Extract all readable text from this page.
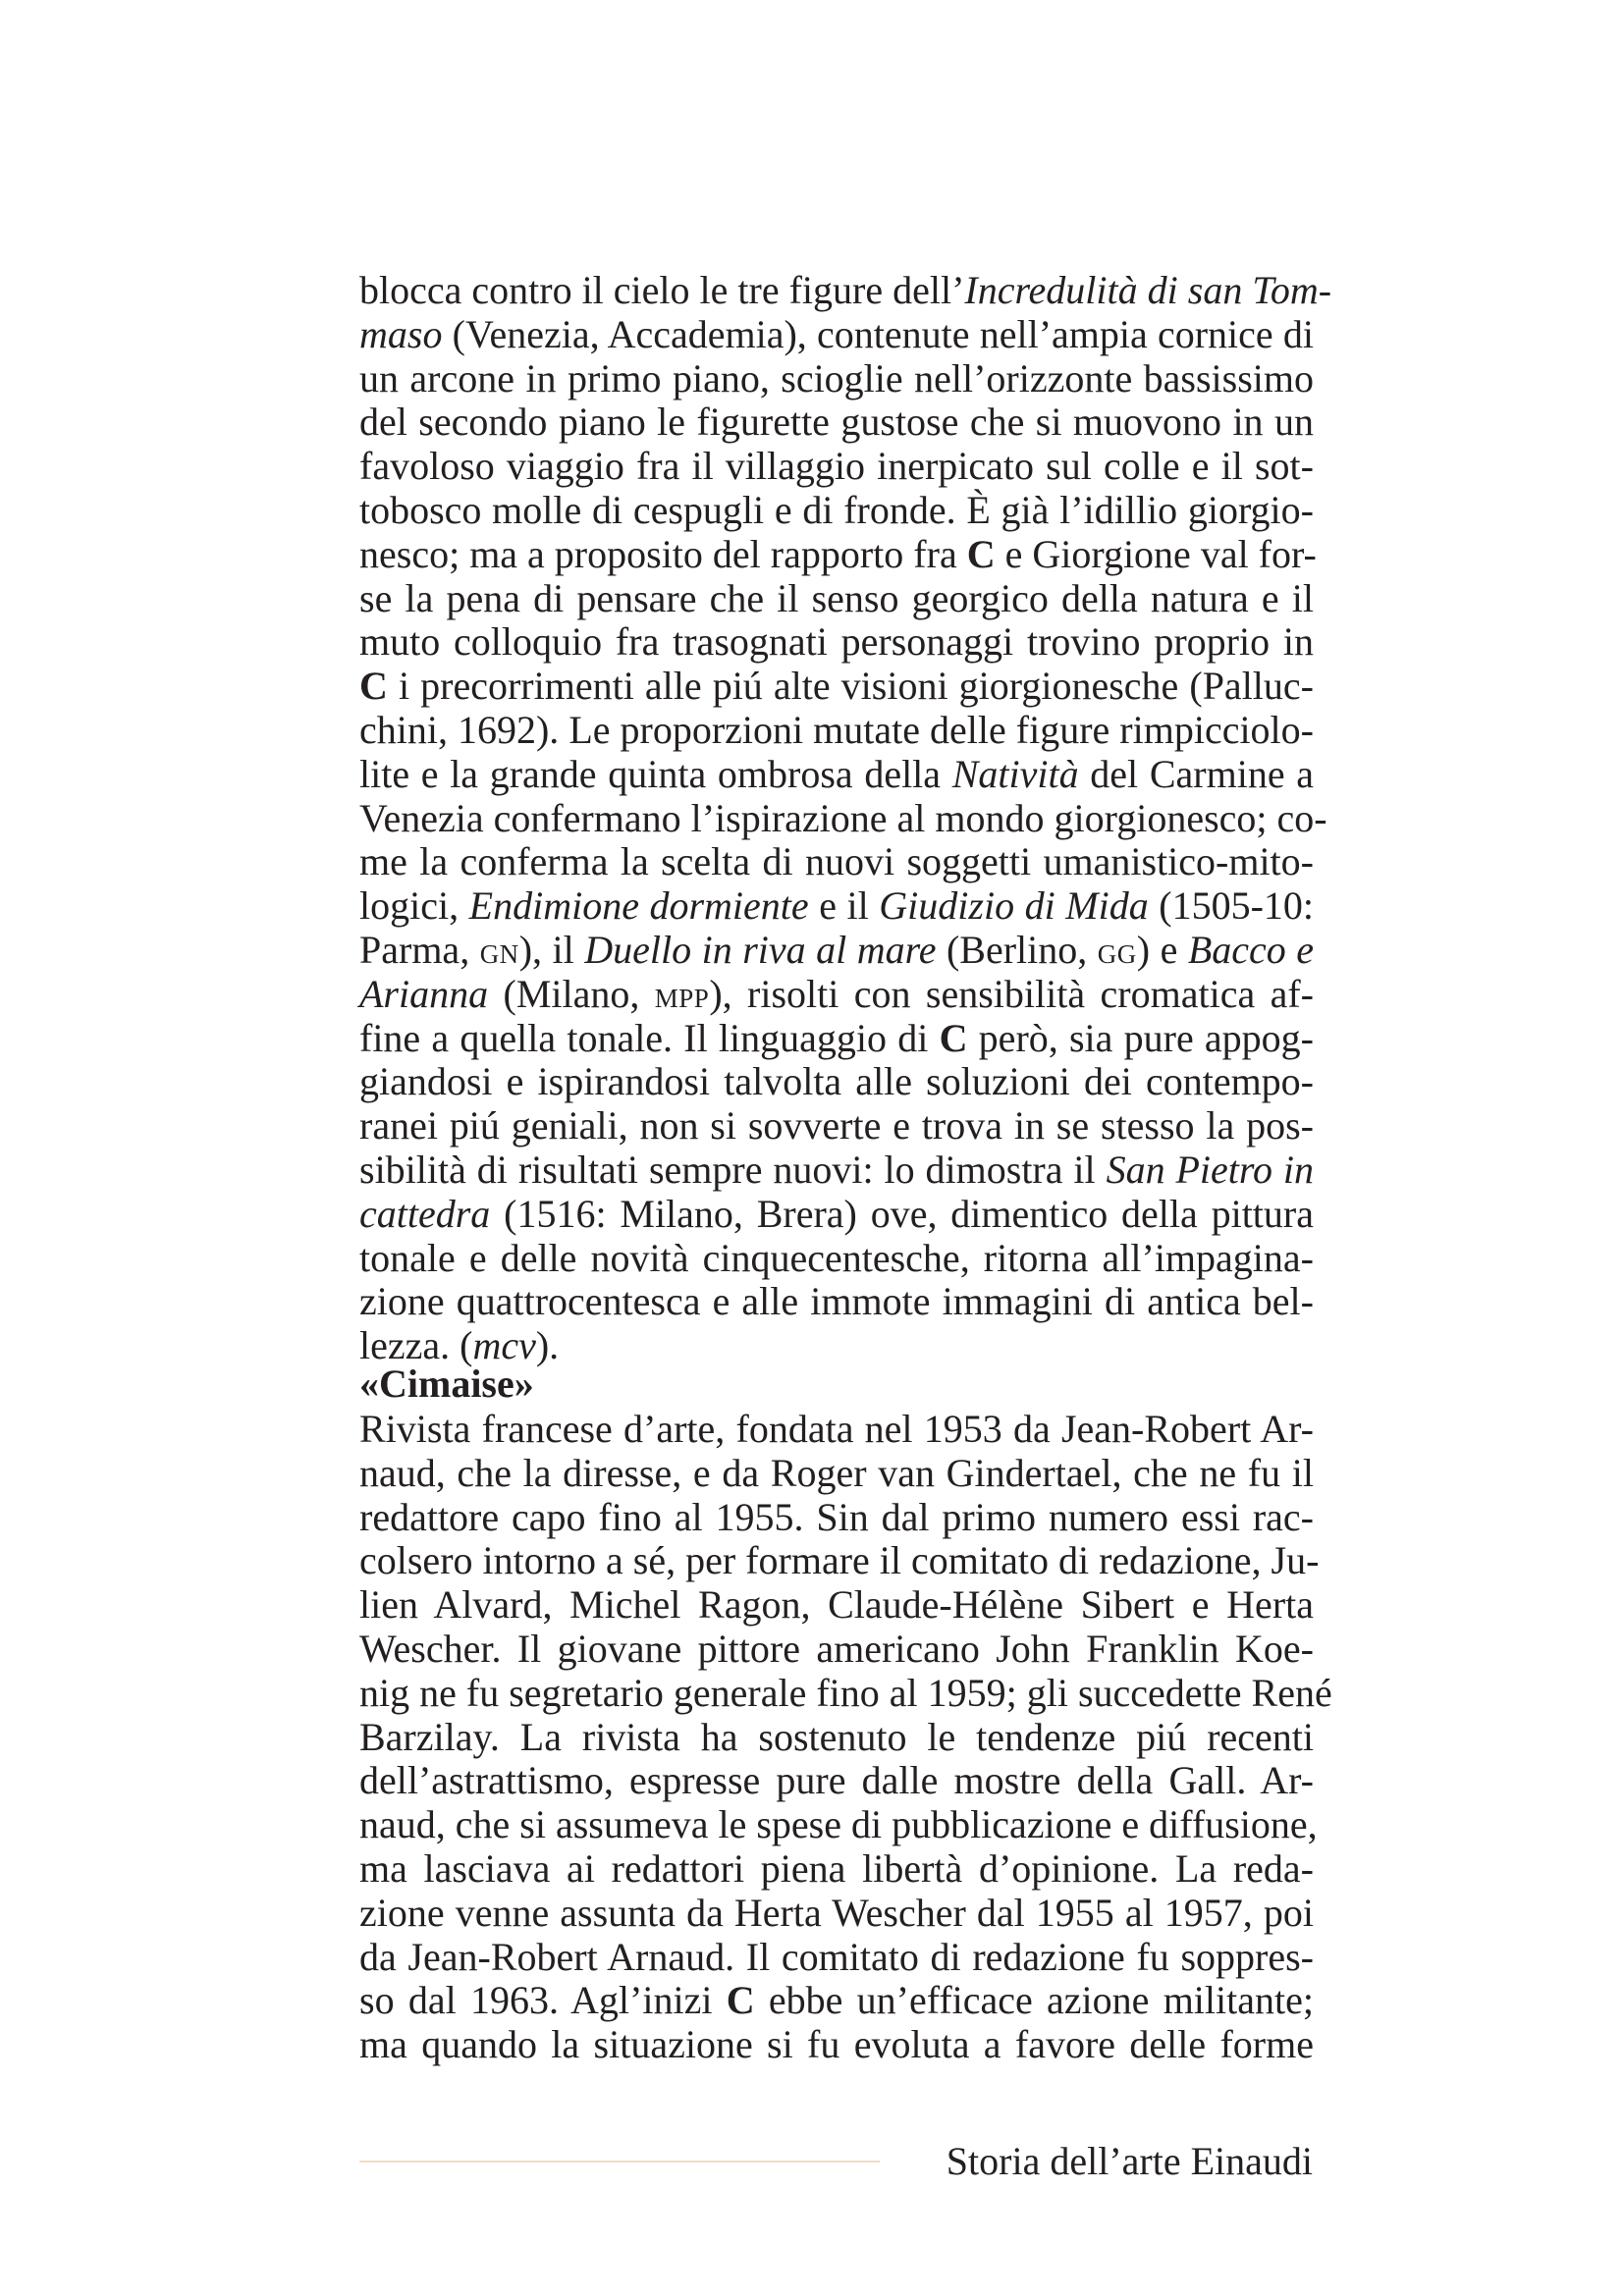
blocca contro il cielo le tre figure dell’Incredulità di san Tom-
maso (Venezia, Accademia), contenute nell’ampia cornice di
un arcone in primo piano, scioglie nell’orizzonte bassissimo
del secondo piano le figurette gustose che si muovono in un
favoloso viaggio fra il villaggio inerpicato sul colle e il sot-
tobosco molle di cespugli e di fronde. È già l’idillio giorgio-
nesco; ma a proposito del rapporto fra C e Giorgione val for-
se la pena di pensare che il senso georgico della natura e il
muto colloquio fra trasognati personaggi trovino proprio in
C i precorrimenti alle piú alte visioni giorgionesche (Palluc-
chini, 1692). Le proporzioni mutate delle figure rimpicciolo-
lite e la grande quinta ombrosa della Natività del Carmine a
Venezia confermano l’ispirazione al mondo giorgionesco; co-
me la conferma la scelta di nuovi soggetti umanistico-mito-
logici, Endimione dormiente e il Giudizio di Mida (1505-10:
Parma, gn), il Duello in riva al mare (Berlino, gg) e Bacco e
Arianna (Milano, mpp), risolti con sensibilità cromatica af-
fine a quella tonale. Il linguaggio di C però, sia pure appog-
giandosi e ispirandosi talvolta alle soluzioni dei contempo-
ranei piú geniali, non si sovverte e trova in se stesso la pos-
sibilità di risultati sempre nuovi: lo dimostra il San Pietro in
cattedra (1516: Milano, Brera) ove, dimentico della pittura
tonale e delle novità cinquecentesche, ritorna all’impagina-
zione quattrocentesca e alle immote immagini di antica bel-
lezza. (mcv).
«Cimaise»
Rivista francese d’arte, fondata nel 1953 da Jean-Robert Ar-
naud, che la diresse, e da Roger van Gindertael, che ne fu il
redattore capo fino al 1955. Sin dal primo numero essi rac-
colsero intorno a sé, per formare il comitato di redazione, Ju-
lien Alvard, Michel Ragon, Claude-Hélène Sibert e Herta
Wescher. Il giovane pittore americano John Franklin Koe-
nig ne fu segretario generale fino al 1959; gli succedette René
Barzilay. La rivista ha sostenuto le tendenze piú recenti
dell’astrattismo, espresse pure dalle mostre della Gall. Ar-
naud, che si assumeva le spese di pubblicazione e diffusione,
ma lasciava ai redattori piena libertà d’opinione. La reda-
zione venne assunta da Herta Wescher dal 1955 al 1957, poi
da Jean-Robert Arnaud. Il comitato di redazione fu soppres-
so dal 1963. Agl’inizi C ebbe un’efficace azione militante;
ma quando la situazione si fu evoluta a favore delle forme
Storia dell’arte Einaudi
